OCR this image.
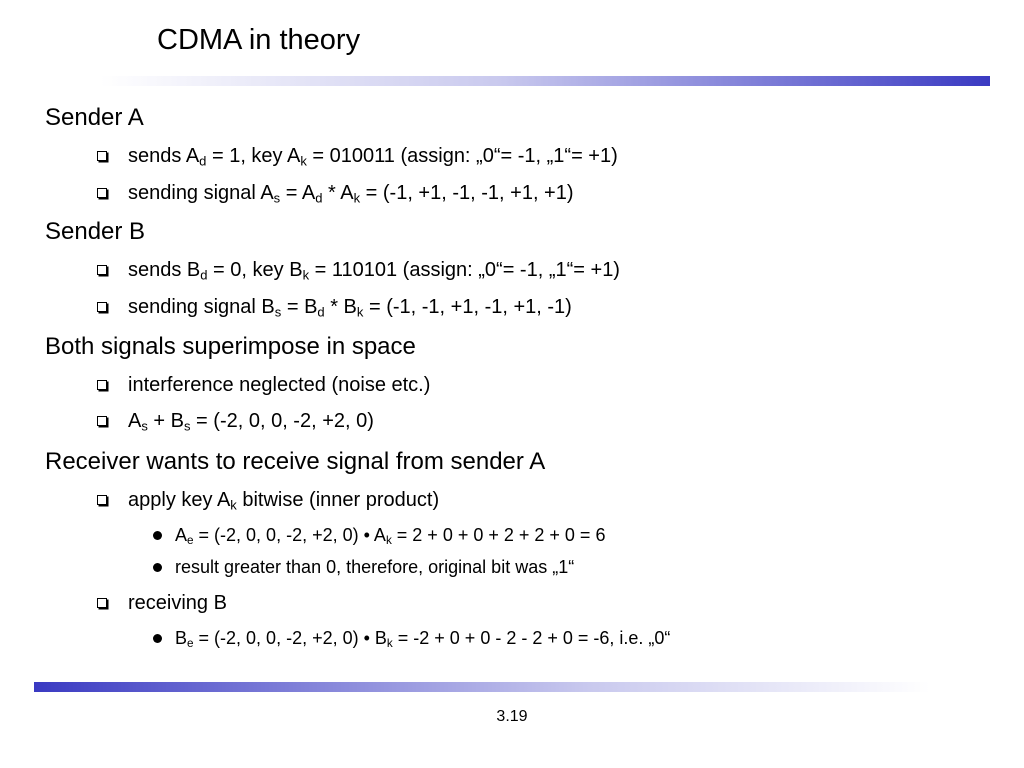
CDMA in theory
Sender A
sends $A_d = 1$, key $A_k = 010011$ (assign: „0“= -1, „1“= +1)
sending signal $A_s = A_d * A_k = (-1$, +1, -1, -1, +1, +1)
Sender B
sends $B_d = 0$, key $B_k = 110101$ (assign: „0“= -1, „1“= +1)
sending signal $B_s = B_d * B_k = (-1$, -1, +1, -1, +1, -1)
Both signals superimpose in space
interference neglected (noise etc.)
$A_s + B_s = (-2$, 0, 0, -2, +2, 0)
Receiver wants to receive signal from sender A
apply key $A_k$ bitwise (inner product)
$A_e = (-2$, 0, 0, -2, +2, 0) • $A_k = 2 + 0 + 0 + 2 + 2 + 0 = 6$
result greater than 0, therefore, original bit was „1“
receiving B
$B_e = (-2$, 0, 0, -2, +2, 0) • $B_k = -2 + 0 + 0 - 2 - 2 + 0 = -6$, i.e. „0“
3.19
